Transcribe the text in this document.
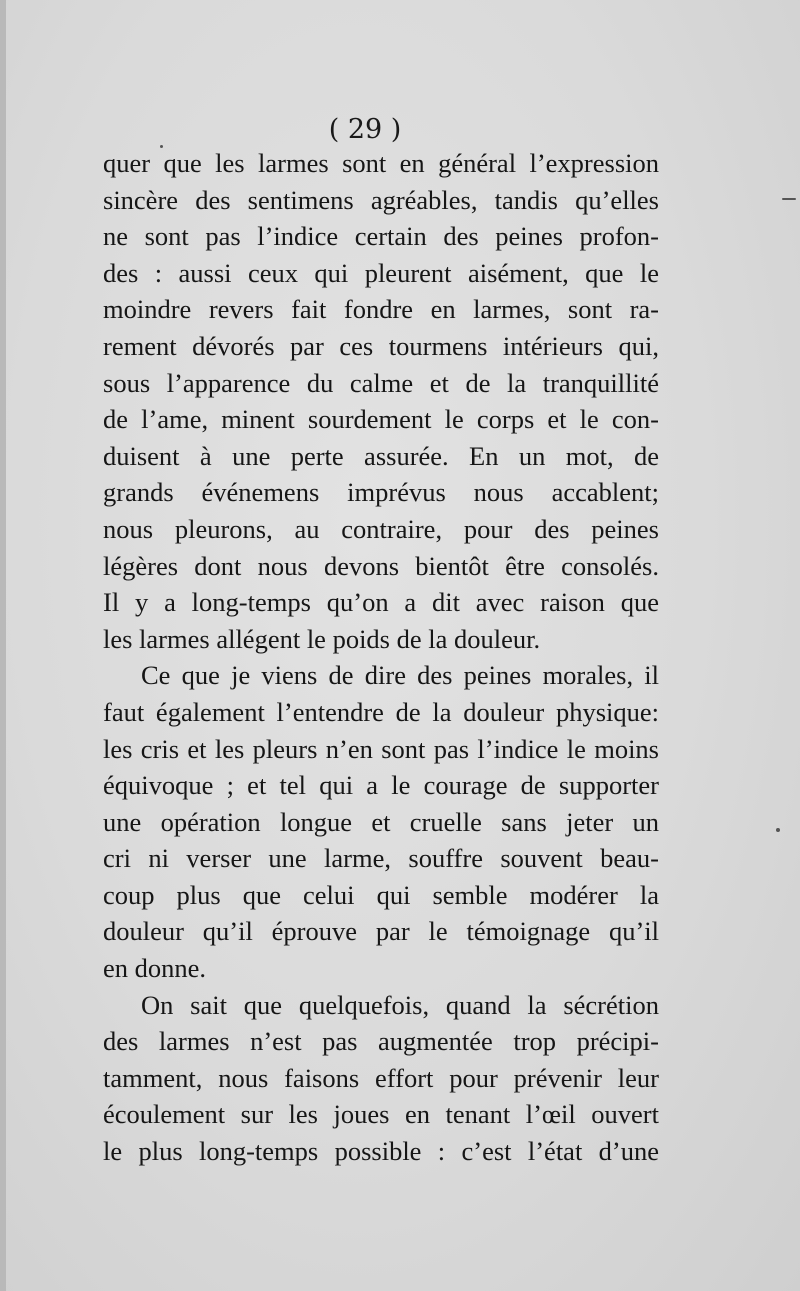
( 29 )
quer que les larmes sont en général l’expression
sincère des sentimens agréables, tandis qu’elles
ne sont pas l’indice certain des peines profon-
des : aussi ceux qui pleurent aisément, que le
moindre revers fait fondre en larmes, sont ra-
rement dévorés par ces tourmens intérieurs qui,
sous l’apparence du calme et de la tranquillité
de l’ame, minent sourdement le corps et le con-
duisent à une perte assurée. En un mot, de
grands événemens imprévus nous accablent;
nous pleurons, au contraire, pour des peines
légères dont nous devons bientôt être consolés.
Il y a long-temps qu’on a dit avec raison que
les larmes allégent le poids de la douleur.
Ce que je viens de dire des peines morales, il
faut également l’entendre de la douleur physique:
les cris et les pleurs n’en sont pas l’indice le moins
équivoque ; et tel qui a le courage de supporter
une opération longue et cruelle sans jeter un
cri ni verser une larme, souffre souvent beau-
coup plus que celui qui semble modérer la
douleur qu’il éprouve par le témoignage qu’il
en donne.
On sait que quelquefois, quand la sécrétion
des larmes n’est pas augmentée trop précipi-
tamment, nous faisons effort pour prévenir leur
écoulement sur les joues en tenant l’œil ouvert
le plus long-temps possible : c’est l’état d’une
